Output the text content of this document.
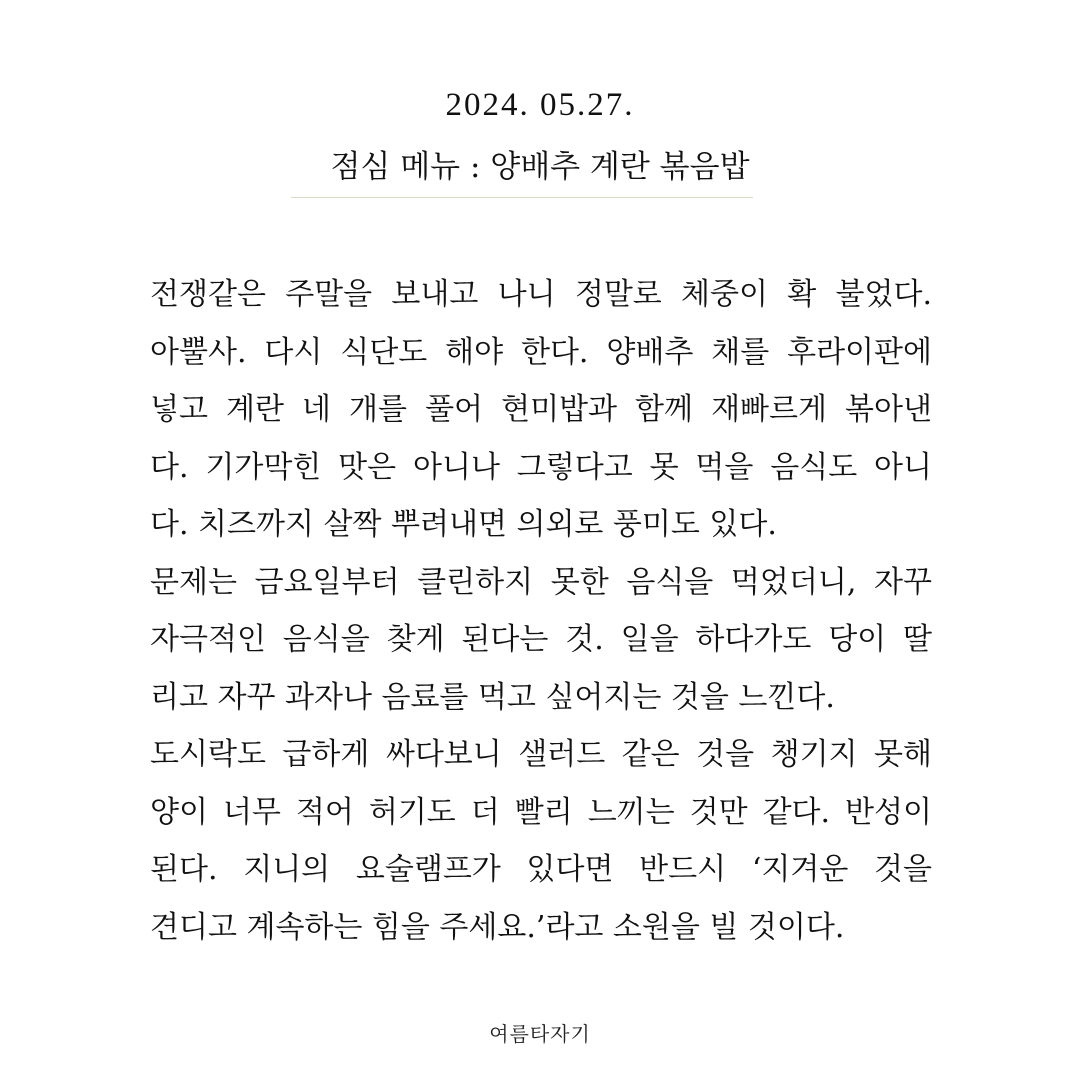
2024. 05.27.
점심 메뉴 : 양배추 계란 볶음밥
전쟁같은 주말을 보내고 나니 정말로 체중이 확 불었다.
아뿔사. 다시 식단도 해야 한다. 양배추 채를 후라이판에
넣고 계란 네 개를 풀어 현미밥과 함께 재빠르게 볶아낸
다. 기가막힌 맛은 아니나 그렇다고 못 먹을 음식도 아니
다. 치즈까지 살짝 뿌려내면 의외로 풍미도 있다.
문제는 금요일부터 클린하지 못한 음식을 먹었더니, 자꾸
자극적인 음식을 찾게 된다는 것. 일을 하다가도 당이 딸
리고 자꾸 과자나 음료를 먹고 싶어지는 것을 느낀다.
도시락도 급하게 싸다보니 샐러드 같은 것을 챙기지 못해
양이 너무 적어 허기도 더 빨리 느끼는 것만 같다. 반성이
된다. 지니의 요술램프가 있다면 반드시 ‘지겨운 것을
견디고 계속하는 힘을 주세요.’라고 소원을 빌 것이다.
여름타자기
